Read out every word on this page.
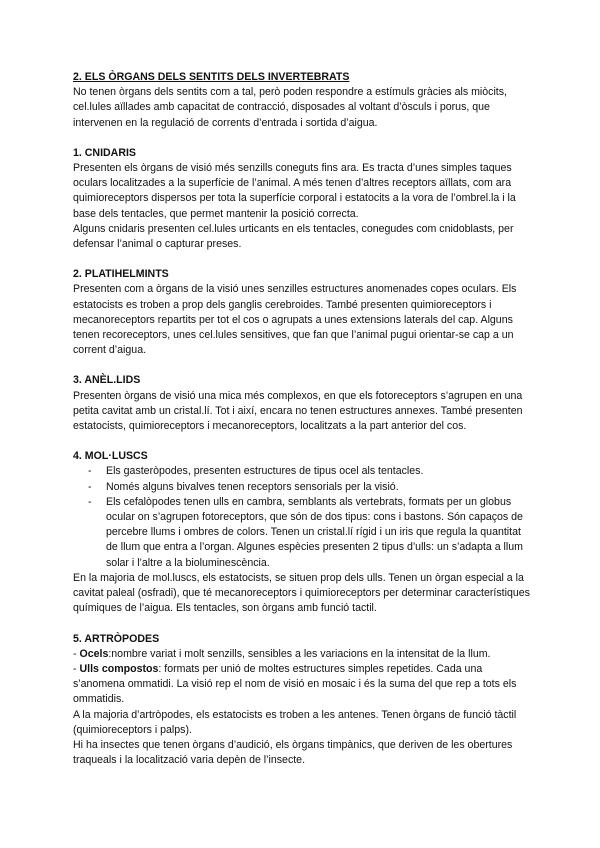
2. ELS ÒRGANS DELS SENTITS DELS INVERTEBRATS

No tenen òrgans dels sentits com a tal, però poden respondre a estímuls gràcies als miòcits, cel.lules aïllades amb capacitat de contracció, disposades al voltant d’òsculs i porus, que intervenen en la regulació de corrents d’entrada i sortida d’aigua.

1. CNIDARIS

Presenten els òrgans de visió més senzills coneguts fins ara. Es tracta d’unes simples taques oculars localitzades a la superfície de l’animal. A més tenen d’altres receptors aïllats, com ara quimioreceptors dispersos per tota la superfície corporal i estatocits a la vora de l’ombrel.la i la base dels tentacles, que permet mantenir la posició correcta.

Alguns cnidaris presenten cel.lules urticants en els tentacles, conegudes com cnidoblasts, per defensar l’animal o capturar preses.

2. PLATIHELMINTS

Presenten com a òrgans de la visió unes senzilles estructures anomenades copes oculars. Els estatocists es troben a prop dels ganglis cerebroides. També presenten quimioreceptors i mecanoreceptors repartits per tot el cos o agrupats a unes extensions laterals del cap. Alguns tenen recoreceptors, unes cel.lules sensitives, que fan que l’animal pugui orientar-se cap a un corrent d’aigua.

3. ANÈL.LIDS

Presenten òrgans de visió una mica més complexos, en que els fotoreceptors s’agrupen en una petita cavitat amb un cristal.lí. Tot i així, encara no tenen estructures annexes. També presenten estatocists, quimioreceptors i mecanoreceptors, localitzats a la part anterior del cos.

4. MOL·LUSCS

- Els gasteròpodes, presenten estructures de tipus ocel als tentacles.
- Només alguns bivalves tenen receptors sensorials per la visió.
- Els cefalòpodes tenen ulls en cambra, semblants als vertebrats, formats per un globus ocular on s’agrupen fotoreceptors, que són de dos tipus: cons i bastons. Són capaços de percebre llums i ombres de colors. Tenen un cristal.lí rígid i un iris que regula la quantitat de llum que entra a l’organ. Algunes espècies presenten 2 tipus d’ulls: un s’adapta a llum solar i l’altre a la bioluminescència.

En la majoria de mol.luscs, els estatocists, se situen prop dels ulls. Tenen un òrgan especial a la cavitat paleal (osfradi), que té mecanoreceptors i quimioreceptors per determinar característiques químiques de l’aigua. Els tentacles, son òrgans amb funció tactil.

5. ARTRÒPODES

- Ocels:nombre variat i molt senzills, sensibles a les variacions en la intensitat de la llum.

- Ulls compostos: formats per unió de moltes estructures simples repetides. Cada una s’anomena ommatidi. La visió rep el nom de visió en mosaic i és la suma del que rep a tots els ommatidis.

A la majoria d’artròpodes, els estatocists es troben a les antenes. Tenen òrgans de funció tàctil (quimioreceptors i palps).

Hi ha insectes que tenen òrgans d’audició, els òrgans timpànics, que deriven de les obertures traqueals i la localització varia depèn de l’insecte.
